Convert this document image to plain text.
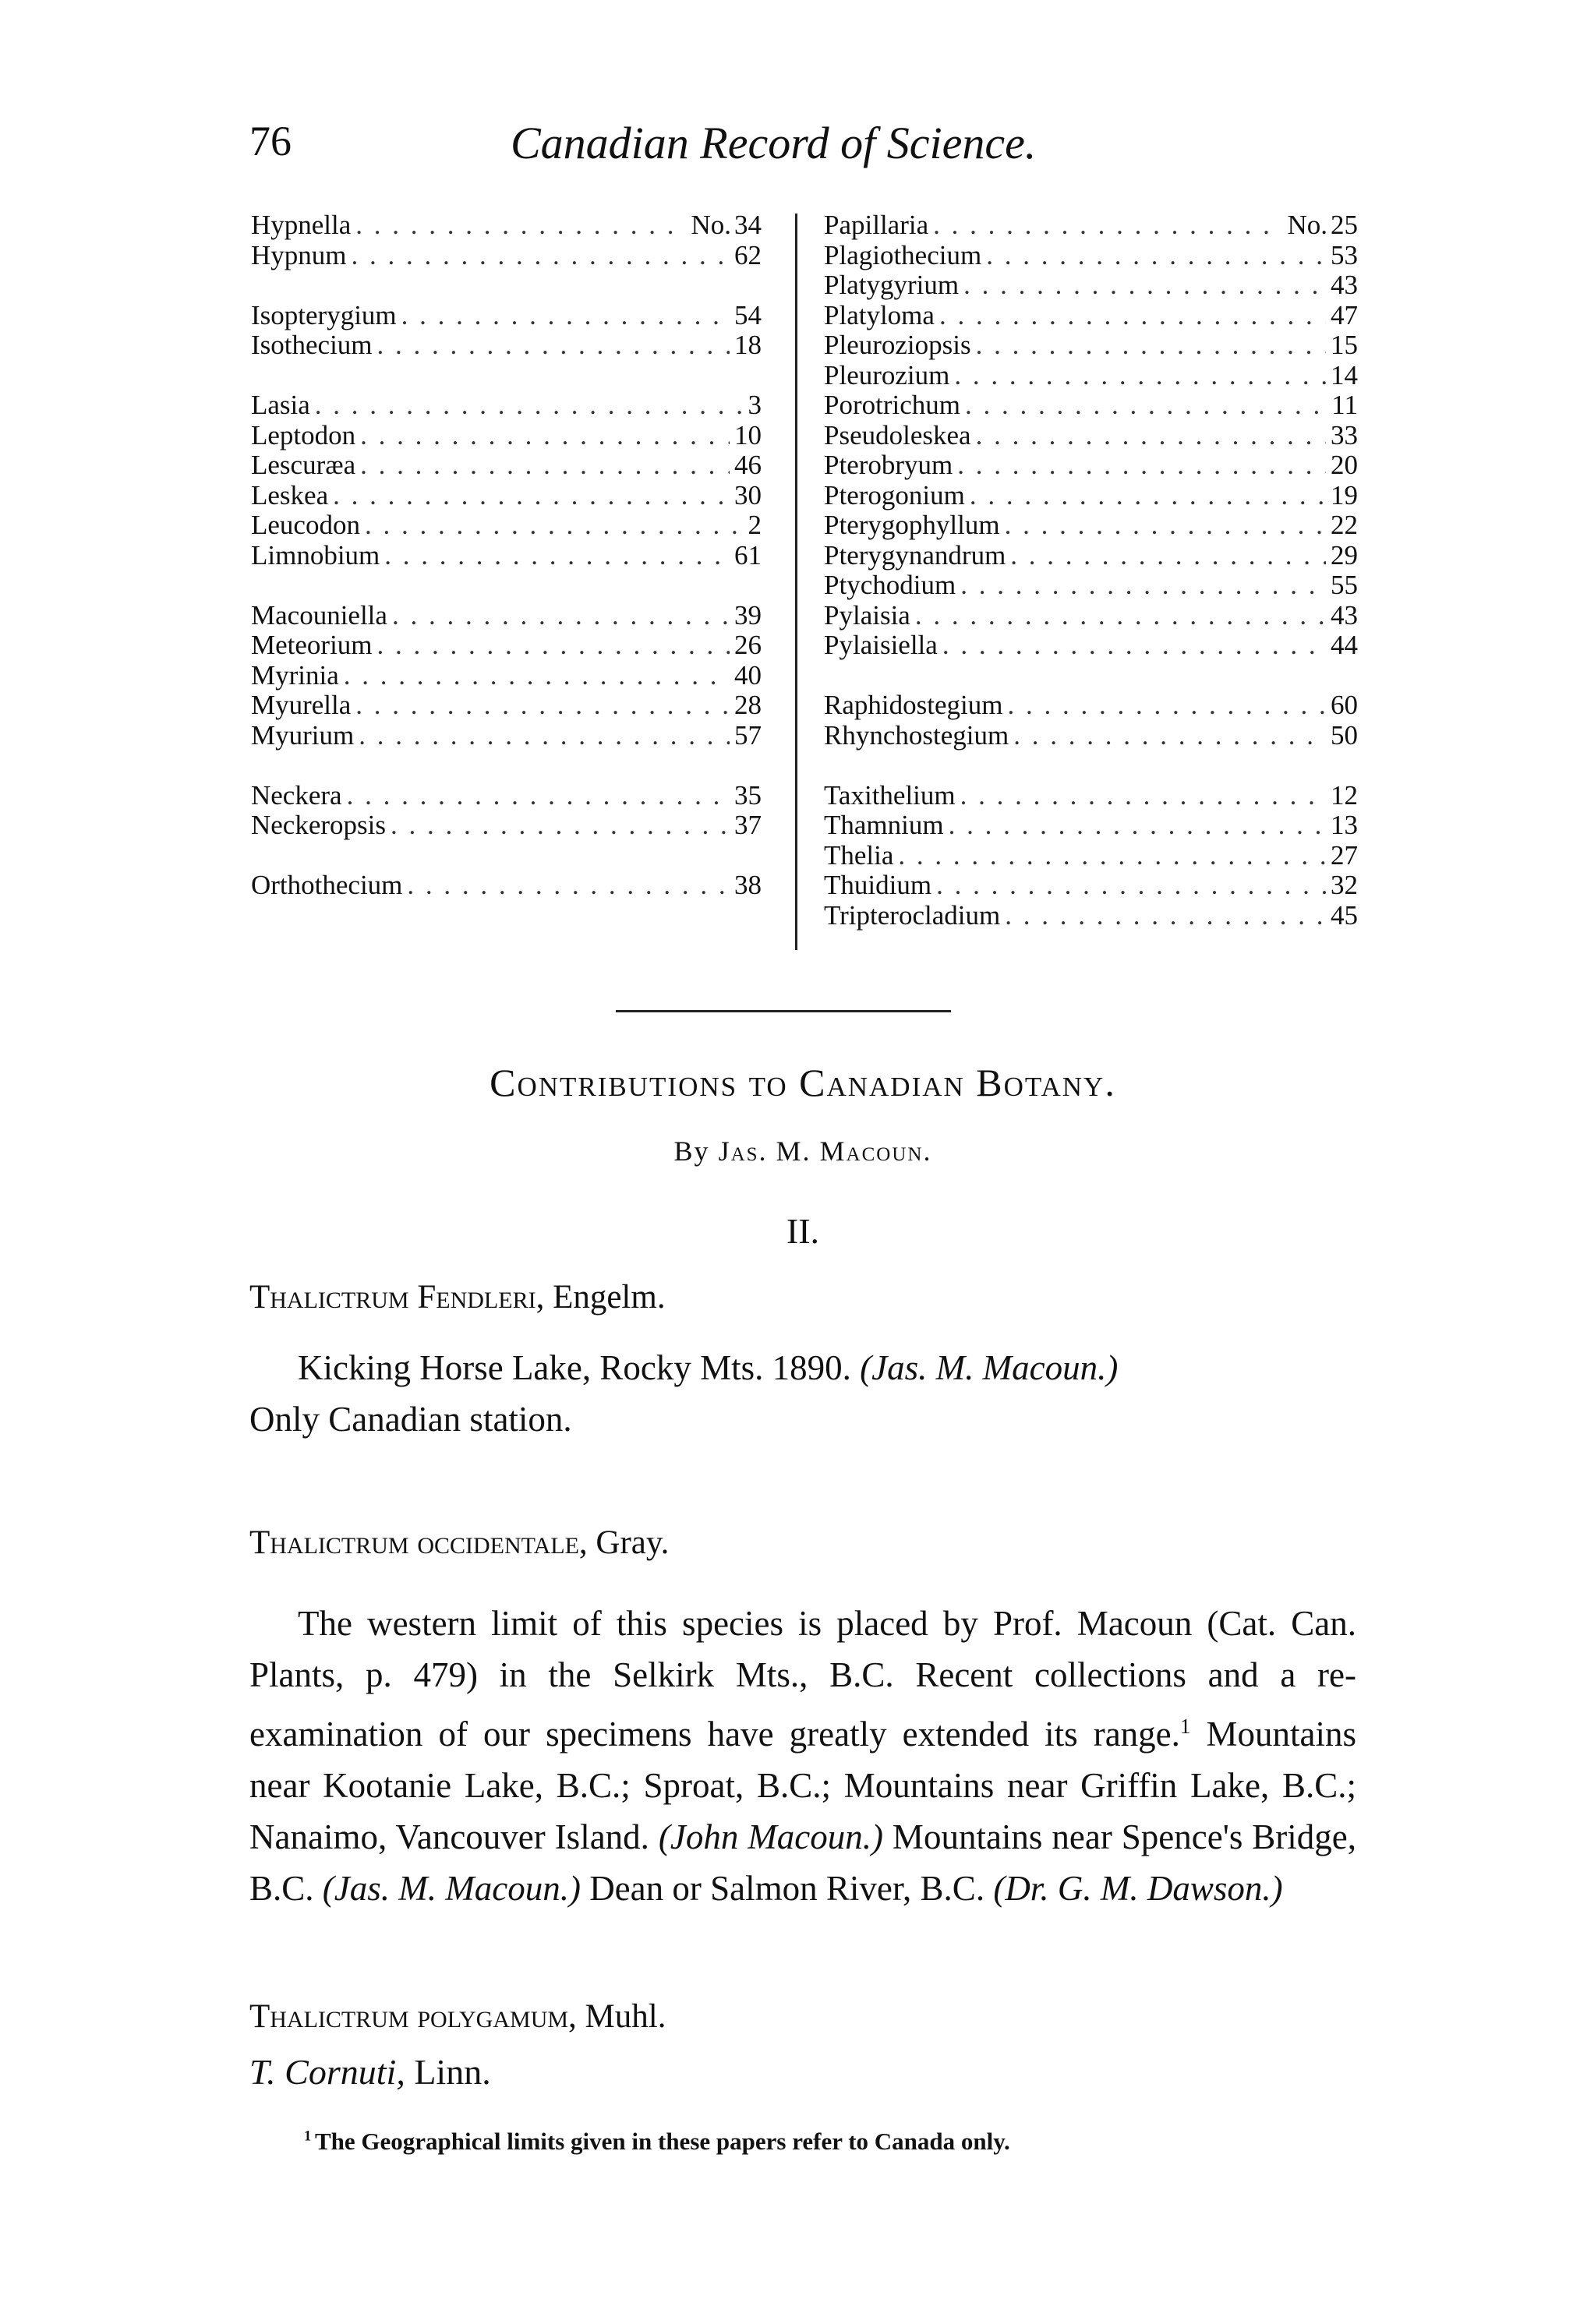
76	Canadian Record of Science.
Hypnella . . .	No. 34
Hypnum . . .	62
Isopterygium . . .	54
Isothecium . . .	18
Lasia . . .	3
Leptodon . . .	10
Lescuræa . . .	46
Leskea . . .	30
Leucodon . . .	2
Limnobium . . .	61
Macouniella . . .	39
Meteorium . . .	26
Myrinia . . .	40
Myurella . . .	28
Myurium . . .	57
Neckera . . .	35
Neckeropsis . . .	37
Orthothecium . . .	38
Papillaria . . .	No. 25
Plagiothecium . . .	53
Platygyrium . . .	43
Platyloma . . .	47
Pleuroziopsis . . .	15
Pleurozium . . .	14
Porotrichum . . .	11
Pseudoleskea . . .	33
Pterobryum . . .	20
Pterogonium . . .	19
Pterygophyllum . . .	22
Pterygynandrum . . .	29
Ptychodium . . .	55
Pylaisia . . .	43
Pylaisiella . . .	44
Raphidostegium . . .	60
Rhynchostegium . . .	50
Taxithelium . . .	12
Thamnium . . .	13
Thelia . . .	27
Thuidium . . .	32
Tripterocladium . . .	45
Contributions to Canadian Botany.
By Jas. M. Macoun.
II.
Thalictrum Fendleri, Engelm.
Kicking Horse Lake, Rocky Mts. 1890. (Jas. M. Macoun.)
Only Canadian station.
Thalictrum occidentale, Gray.
The western limit of this species is placed by Prof. Macoun (Cat. Can. Plants, p. 479) in the Selkirk Mts., B.C. Recent collections and a re-examination of our specimens have greatly extended its range.$^1$ Mountains near Kootanie Lake, B.C.; Sproat, B.C.; Mountains near Griffin Lake, B.C.; Nanaimo, Vancouver Island. (John Macoun.) Mountains near Spence's Bridge, B.C. (Jas. M. Macoun.) Dean or Salmon River, B.C. (Dr. G. M. Dawson.)
Thalictrum polygamum, Muhl.
T. Cornuti, Linn.
$^1$ The Geographical limits given in these papers refer to Canada only.
